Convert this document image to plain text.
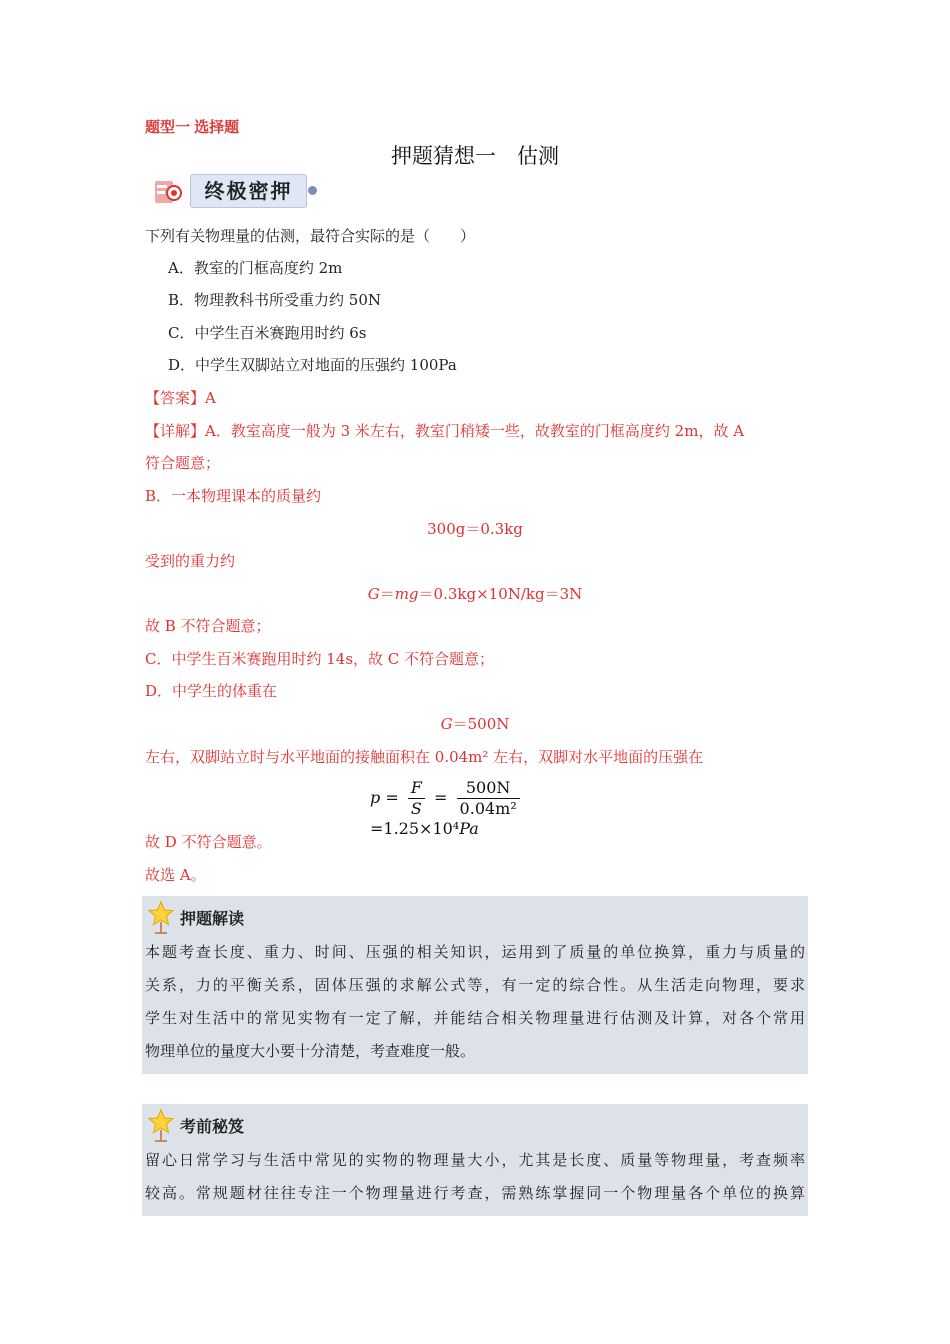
题型一 选择题
押题猜想一　估测
终极密押
下列有关物理量的估测，最符合实际的是（　　）
A．教室的门框高度约 2m
B．物理教科书所受重力约 50N
C．中学生百米赛跑用时约 6s
D．中学生双脚站立对地面的压强约 100Pa
【答案】A
【详解】A．教室高度一般为 3 米左右，教室门稍矮一些，故教室的门框高度约 2m，故 A
符合题意；
B．一本物理课本的质量约
300g＝0.3kg
受到的重力约
G＝mg＝0.3kg×10N/kg＝3N
故 B 不符合题意；
C．中学生百米赛跑用时约 14s，故 C 不符合题意；
D．中学生的体重在
G＝500N
左右，双脚站立时与水平地面的接触面积在 0.04m² 左右，双脚对水平地面的压强在
$p = \frac{F}{S} = \frac{500N}{\text{0.04m²}}$
=1.25×10⁴Pa
故 D 不符合题意。
故选 A。
押题解读
本题考查长度、重力、时间、压强的相关知识，运用到了质量的单位换算，重力与质量的
关系，力的平衡关系，固体压强的求解公式等，有一定的综合性。从生活走向物理，要求
学生对生活中的常见实物有一定了解，并能结合相关物理量进行估测及计算，对各个常用
物理单位的量度大小要十分清楚，考查难度一般。
考前秘笈
留心日常学习与生活中常见的实物的物理量大小，尤其是长度、质量等物理量，考查频率
较高。常规题材往往专注一个物理量进行考查，需熟练掌握同一个物理量各个单位的换算
